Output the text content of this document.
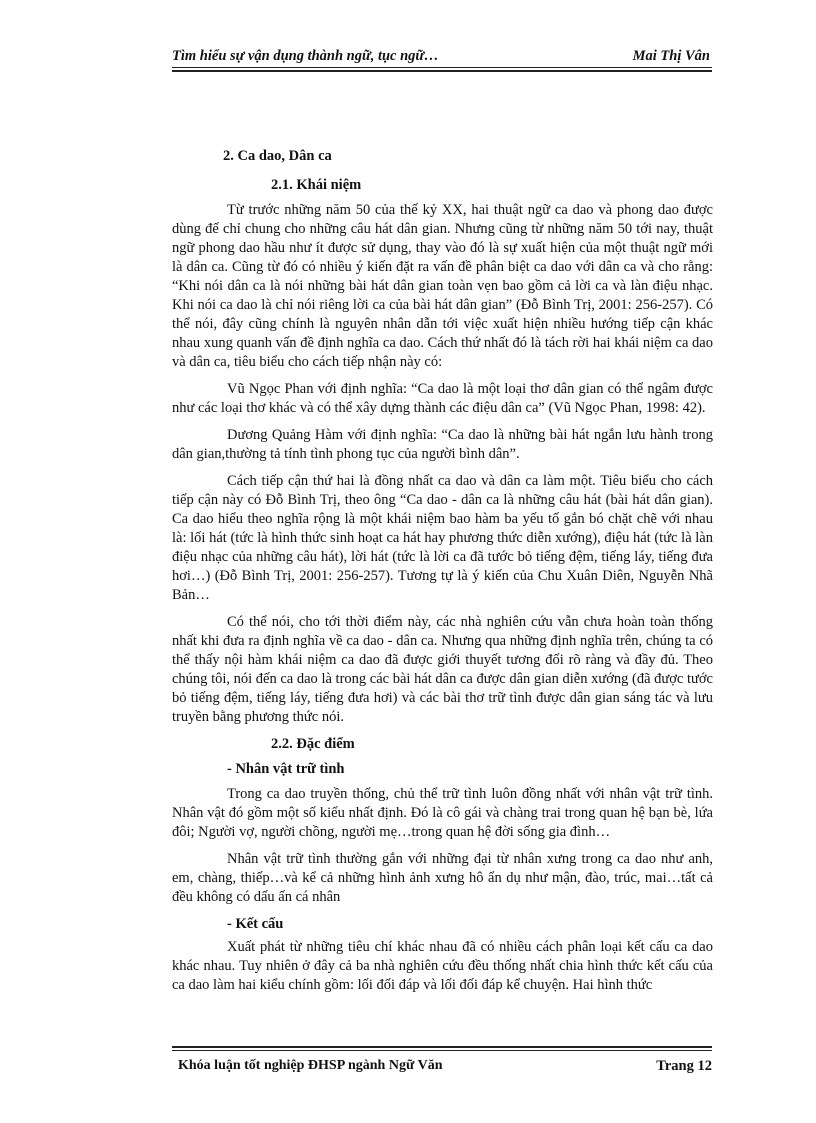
Tìm hiểu sự vận dụng thành ngữ, tục ngữ…	Mai Thị Vân

2. Ca dao, Dân ca

2.1. Khái niệm

Từ trước những năm 50 của thế kỷ XX, hai thuật ngữ ca dao và phong dao được dùng để chỉ chung cho những câu hát dân gian. Nhưng cũng từ những năm 50 tới nay, thuật ngữ phong dao hầu như ít được sử dụng, thay vào đó là sự xuất hiện của một thuật ngữ mới là dân ca. Cũng từ đó có nhiều ý kiến đặt ra vấn đề phân biệt ca dao với dân ca và cho rằng: “Khi nói dân ca là nói những bài hát dân gian toàn vẹn bao gồm cả lời ca và làn điệu nhạc. Khi nói ca dao là chỉ nói riêng lời ca của bài hát dân gian” (Đỗ Bình Trị, 2001: 256-257). Có thể nói, đây cũng chính là nguyên nhân dẫn tới việc xuất hiện nhiều hướng tiếp cận khác nhau xung quanh vấn đề định nghĩa ca dao. Cách thứ nhất đó là tách rời hai khái niệm ca dao và dân ca, tiêu biểu cho cách tiếp nhận này có:

Vũ Ngọc Phan với định nghĩa: “Ca dao là một loại thơ dân gian có thể ngâm được như các loại thơ khác và có thể xây dựng thành các điệu dân ca” (Vũ Ngọc Phan, 1998: 42).

Dương Quảng Hàm với định nghĩa: “Ca dao là những bài hát ngắn lưu hành trong dân gian,thường tả tính tình phong tục của người bình dân”.

Cách tiếp cận thứ hai là đồng nhất ca dao và dân ca làm một. Tiêu biểu cho cách tiếp cận này có Đỗ Bình Trị, theo ông “Ca dao - dân ca là những câu hát (bài hát dân gian). Ca dao hiểu theo nghĩa rộng là một khái niệm bao hàm ba yếu tố gắn bó chặt chẽ với nhau là: lối hát (tức là hình thức sinh hoạt ca hát hay phương thức diễn xướng), điệu hát (tức là làn điệu nhạc của những câu hát), lời hát (tức là lời ca đã tước bỏ tiếng đệm, tiếng láy, tiếng đưa hơi…) (Đỗ Bình Trị, 2001: 256-257). Tương tự là ý kiến của Chu Xuân Diên, Nguyễn Nhã Bản…

Có thể nói, cho tới thời điểm này, các nhà nghiên cứu vẫn chưa hoàn toàn thống nhất khi đưa ra định nghĩa về ca dao - dân ca. Nhưng qua những định nghĩa trên, chúng ta có thể thấy nội hàm khái niệm ca dao đã được giới thuyết tương đối rõ ràng và đầy đủ. Theo chúng tôi, nói đến ca dao là trong các bài hát dân ca được dân gian diễn xướng (đã được tước bỏ tiếng đệm, tiếng láy, tiếng đưa hơi) và các bài thơ trữ tình được dân gian sáng tác và lưu truyền bằng phương thức nói.

2.2. Đặc điểm

- Nhân vật trữ tình

Trong ca dao truyền thống, chủ thể trữ tình luôn đồng nhất với nhân vật trữ tình. Nhân vật đó gồm một số kiểu nhất định. Đó là cô gái và chàng trai trong quan hệ bạn bè, lứa đôi; Người vợ, người chồng, người mẹ…trong quan hệ đời sống gia đình…

Nhân vật trữ tình thường gắn với những đại từ nhân xưng trong ca dao như anh, em, chàng, thiếp…và kể cả những hình ảnh xưng hô ẩn dụ như mận, đào, trúc, mai…tất cả đều không có dấu ấn cá nhân

- Kết cấu

Xuất phát từ những tiêu chí khác nhau đã có nhiều cách phân loại kết cấu ca dao khác nhau. Tuy nhiên ở đây cả ba nhà nghiên cứu đều thống nhất chia hình thức kết cấu của ca dao làm hai kiểu chính gồm: lối đối đáp và lối đối đáp kể chuyện. Hai hình thức

Khóa luận tốt nghiệp ĐHSP ngành Ngữ Văn	Trang 12
